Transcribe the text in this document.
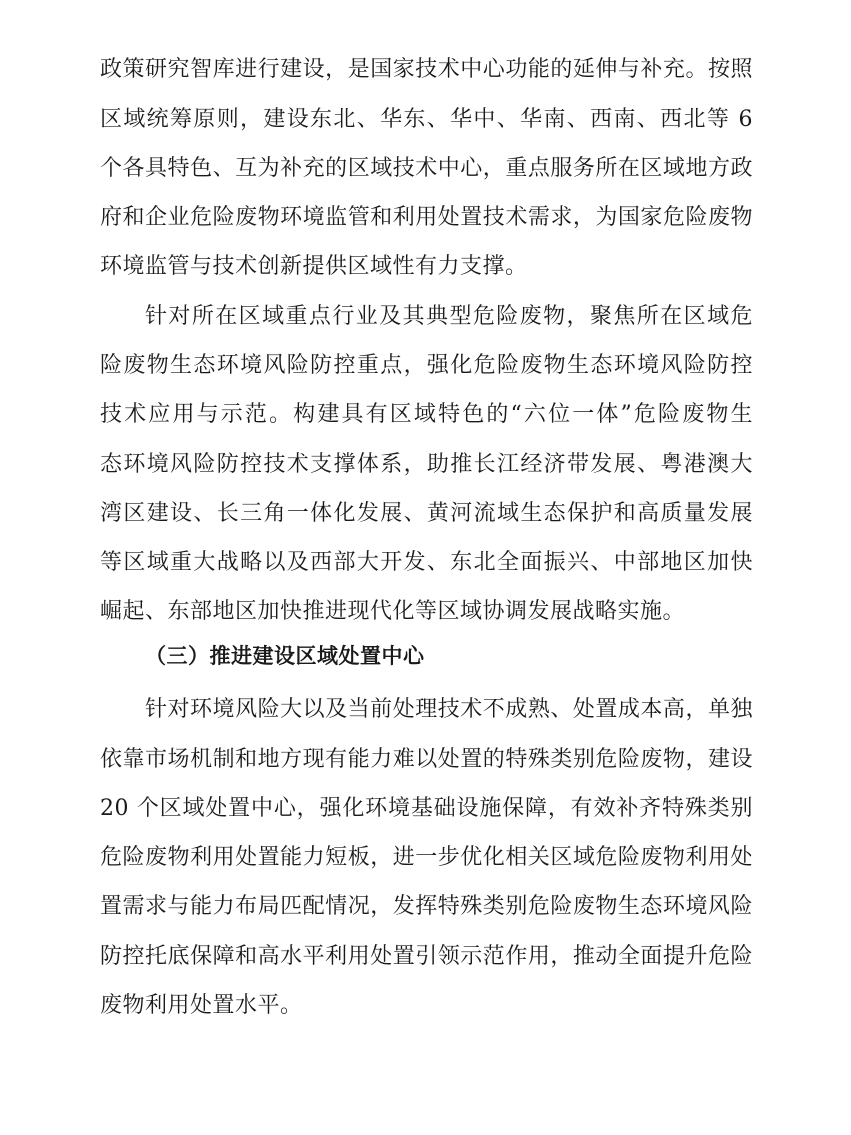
政策研究智库进行建设，是国家技术中心功能的延伸与补充。按照
区域统筹原则，建设东北、华东、华中、华南、西南、西北等 6
个各具特色、互为补充的区域技术中心，重点服务所在区域地方政
府和企业危险废物环境监管和利用处置技术需求，为国家危险废物
环境监管与技术创新提供区域性有力支撑。
针对所在区域重点行业及其典型危险废物，聚焦所在区域危
险废物生态环境风险防控重点，强化危险废物生态环境风险防控
技术应用与示范。构建具有区域特色的“六位一体”危险废物生
态环境风险防控技术支撑体系，助推长江经济带发展、粤港澳大
湾区建设、长三角一体化发展、黄河流域生态保护和高质量发展
等区域重大战略以及西部大开发、东北全面振兴、中部地区加快
崛起、东部地区加快推进现代化等区域协调发展战略实施。
（三）推进建设区域处置中心
针对环境风险大以及当前处理技术不成熟、处置成本高，单独
依靠市场机制和地方现有能力难以处置的特殊类别危险废物，建设
20 个区域处置中心，强化环境基础设施保障，有效补齐特殊类别
危险废物利用处置能力短板，进一步优化相关区域危险废物利用处
置需求与能力布局匹配情况，发挥特殊类别危险废物生态环境风险
防控托底保障和高水平利用处置引领示范作用，推动全面提升危险
废物利用处置水平。
